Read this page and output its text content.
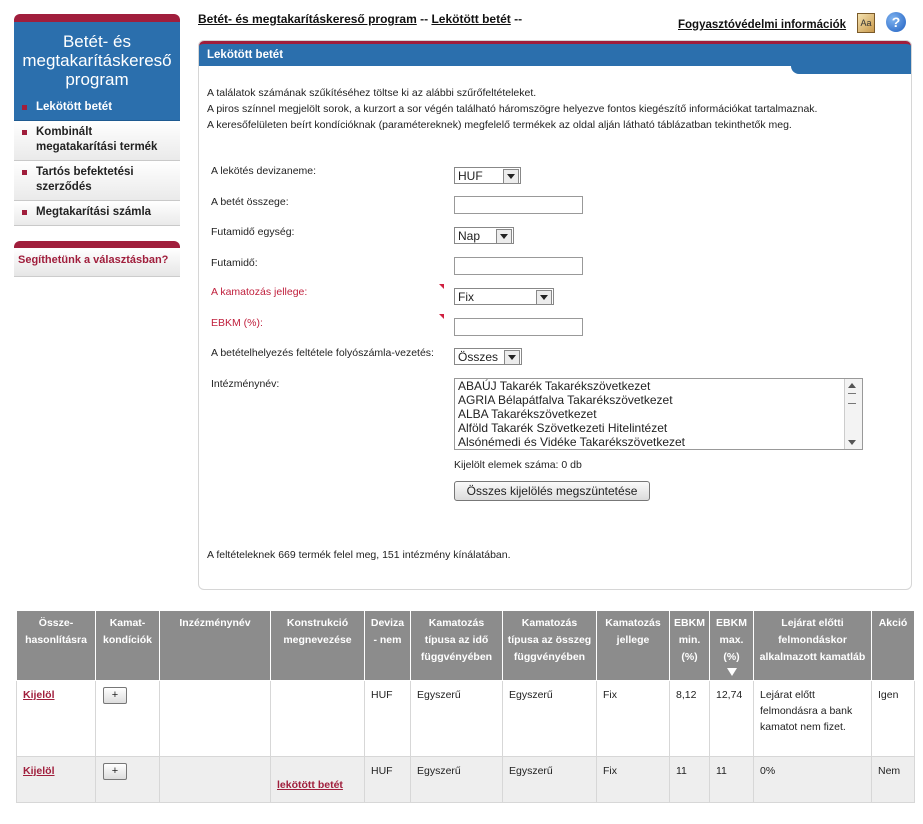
Betét- és megtakarításkereső program
Lekötött betét
Kombinált megatakarítási termék
Tartós befektetési szerződés
Megtakarítási számla
Segíthetünk a választásban?
Betét- és megtakarításkereső program -- Lekötött betét --	Fogyasztóvédelmi információk	Aa	?
Lekötött betét
A találatok számának szűkítéséhez töltse ki az alábbi szűrőfeltételeket.
A piros színnel megjelölt sorok, a kurzort a sor végén található háromszögre helyezve fontos kiegészítő információkat tartalmaznak.
A keresőfelületen beírt kondícióknak (paramétereknek) megfelelő termékek az oldal alján látható táblázatban tekinthetők meg.
A lekötés devizaneme:	HUF
A betét összege:
Futamidő egység:	Nap
Futamidő:
A kamatozás jellege:	Fix
EBKM (%):
A betételhelyezés feltétele folyószámla-vezetés:	Összes
Intézménynév:	ABAÚJ Takarék Takarékszövetkezet
AGRIA Bélapátfalva Takarékszövetkezet
ALBA Takarékszövetkezet
Alföld Takarék Szövetkezeti Hitelintézet
Alsónémedi és Vidéke Takarékszövetkezet
Kijelölt elemek száma: 0 db
Összes kijelölés megszüntetése
A feltételeknek 669 termék felel meg, 151 intézmény kínálatában.
Össze-hasonlításra	Kamat-kondíciók	Inzézménynév	Konstrukció megnevezése	Deviza - nem	Kamatozás típusa az idő függvényében	Kamatozás típusa az összeg függvényében	Kamatozás jellege	EBKM min. (%)	EBKM max. (%)	Lejárat előtti felmondáskor alkalmazott kamatláb	Akció
Kijelöl	+			HUF	Egyszerű	Egyszerű	Fix	8,12	12,74	Lejárat előtt felmondásra a bank kamatot nem fizet.	Igen
Kijelöl	+		lekötött betét	HUF	Egyszerű	Egyszerű	Fix	11	11	0%	Nem
